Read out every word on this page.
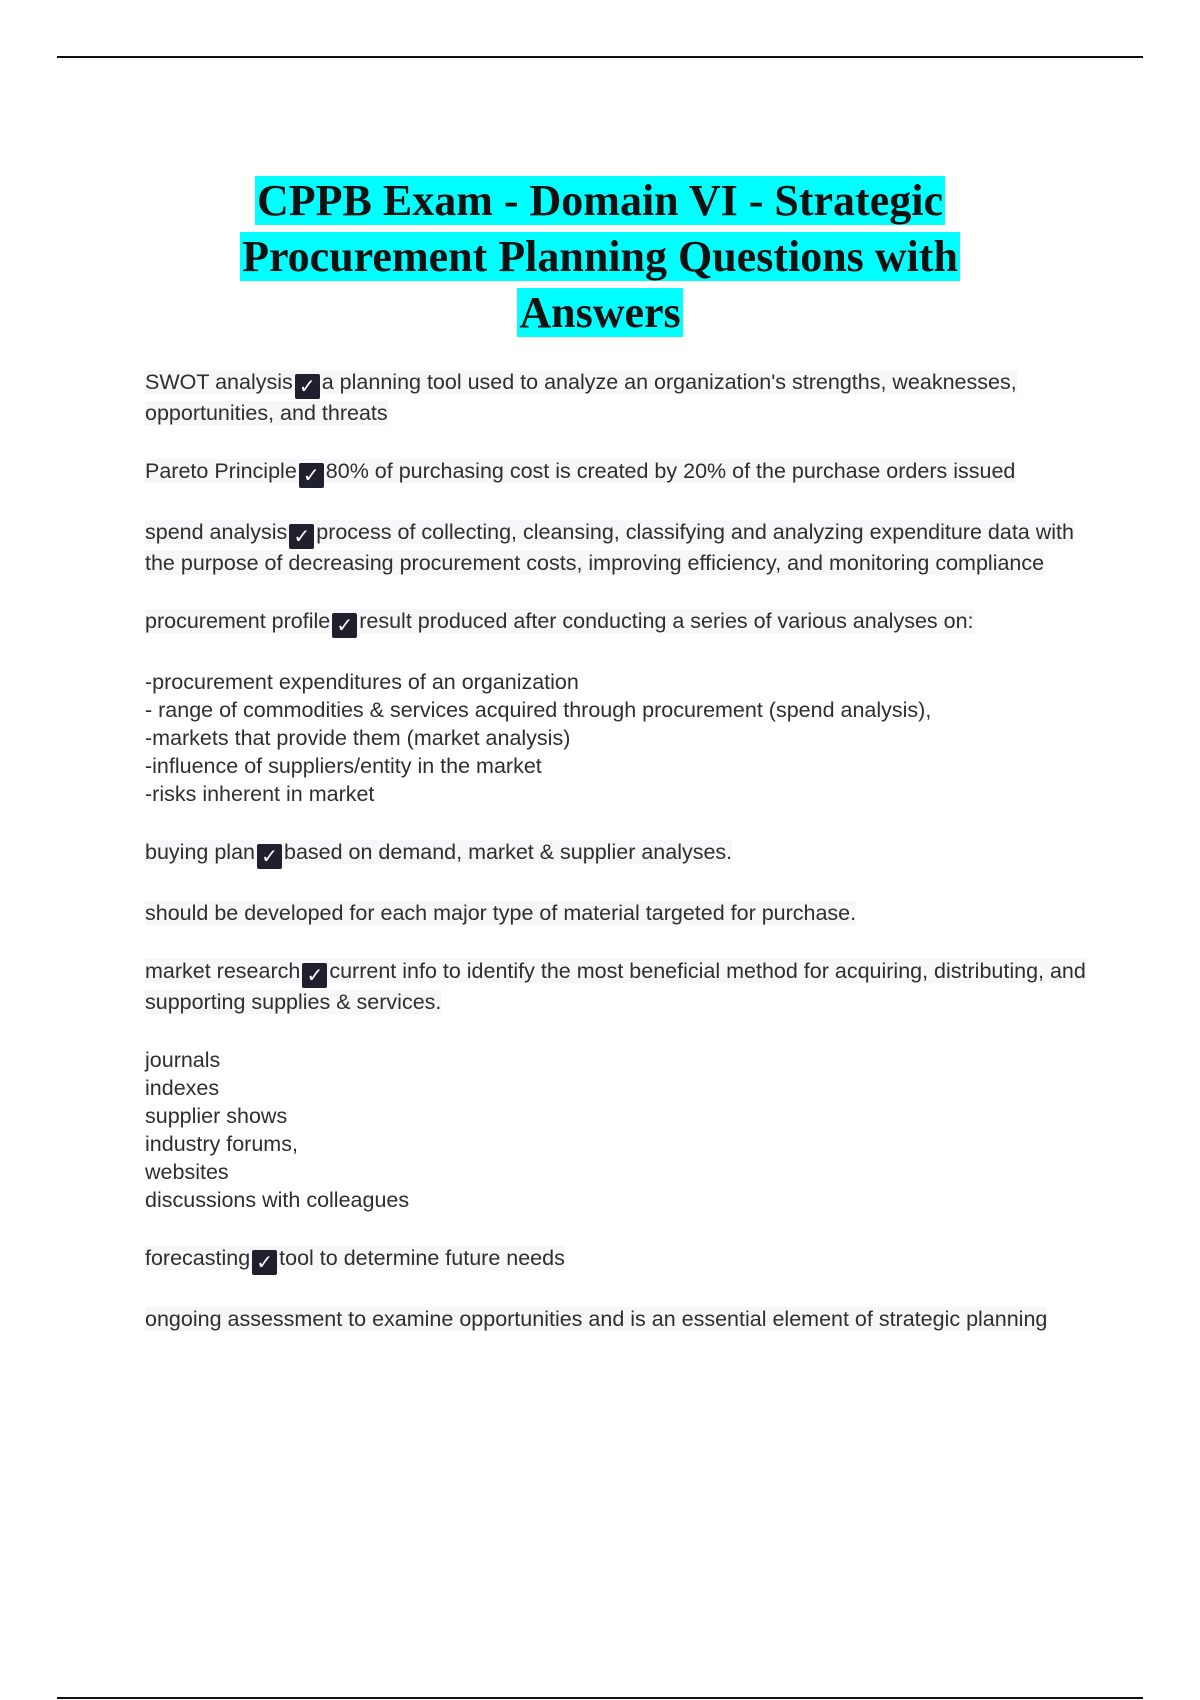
CPPB Exam - Domain VI - Strategic
Procurement Planning Questions with
Answers

SWOT analysis ✓ a planning tool used to analyze an organization's strengths, weaknesses, opportunities, and threats

Pareto Principle ✓ 80% of purchasing cost is created by 20% of the purchase orders issued

spend analysis ✓ process of collecting, cleansing, classifying and analyzing expenditure data with the purpose of decreasing procurement costs, improving efficiency, and monitoring compliance

procurement profile ✓ result produced after conducting a series of various analyses on:

-procurement expenditures of an organization
- range of commodities & services acquired through procurement (spend analysis),
-markets that provide them (market analysis)
-influence of suppliers/entity in the market
-risks inherent in market

buying plan ✓ based on demand, market & supplier analyses.

should be developed for each major type of material targeted for purchase.

market research ✓ current info to identify the most beneficial method for acquiring, distributing, and supporting supplies & services.

journals
indexes
supplier shows
industry forums,
websites
discussions with colleagues

forecasting ✓ tool to determine future needs

ongoing assessment to examine opportunities and is an essential element of strategic planning
